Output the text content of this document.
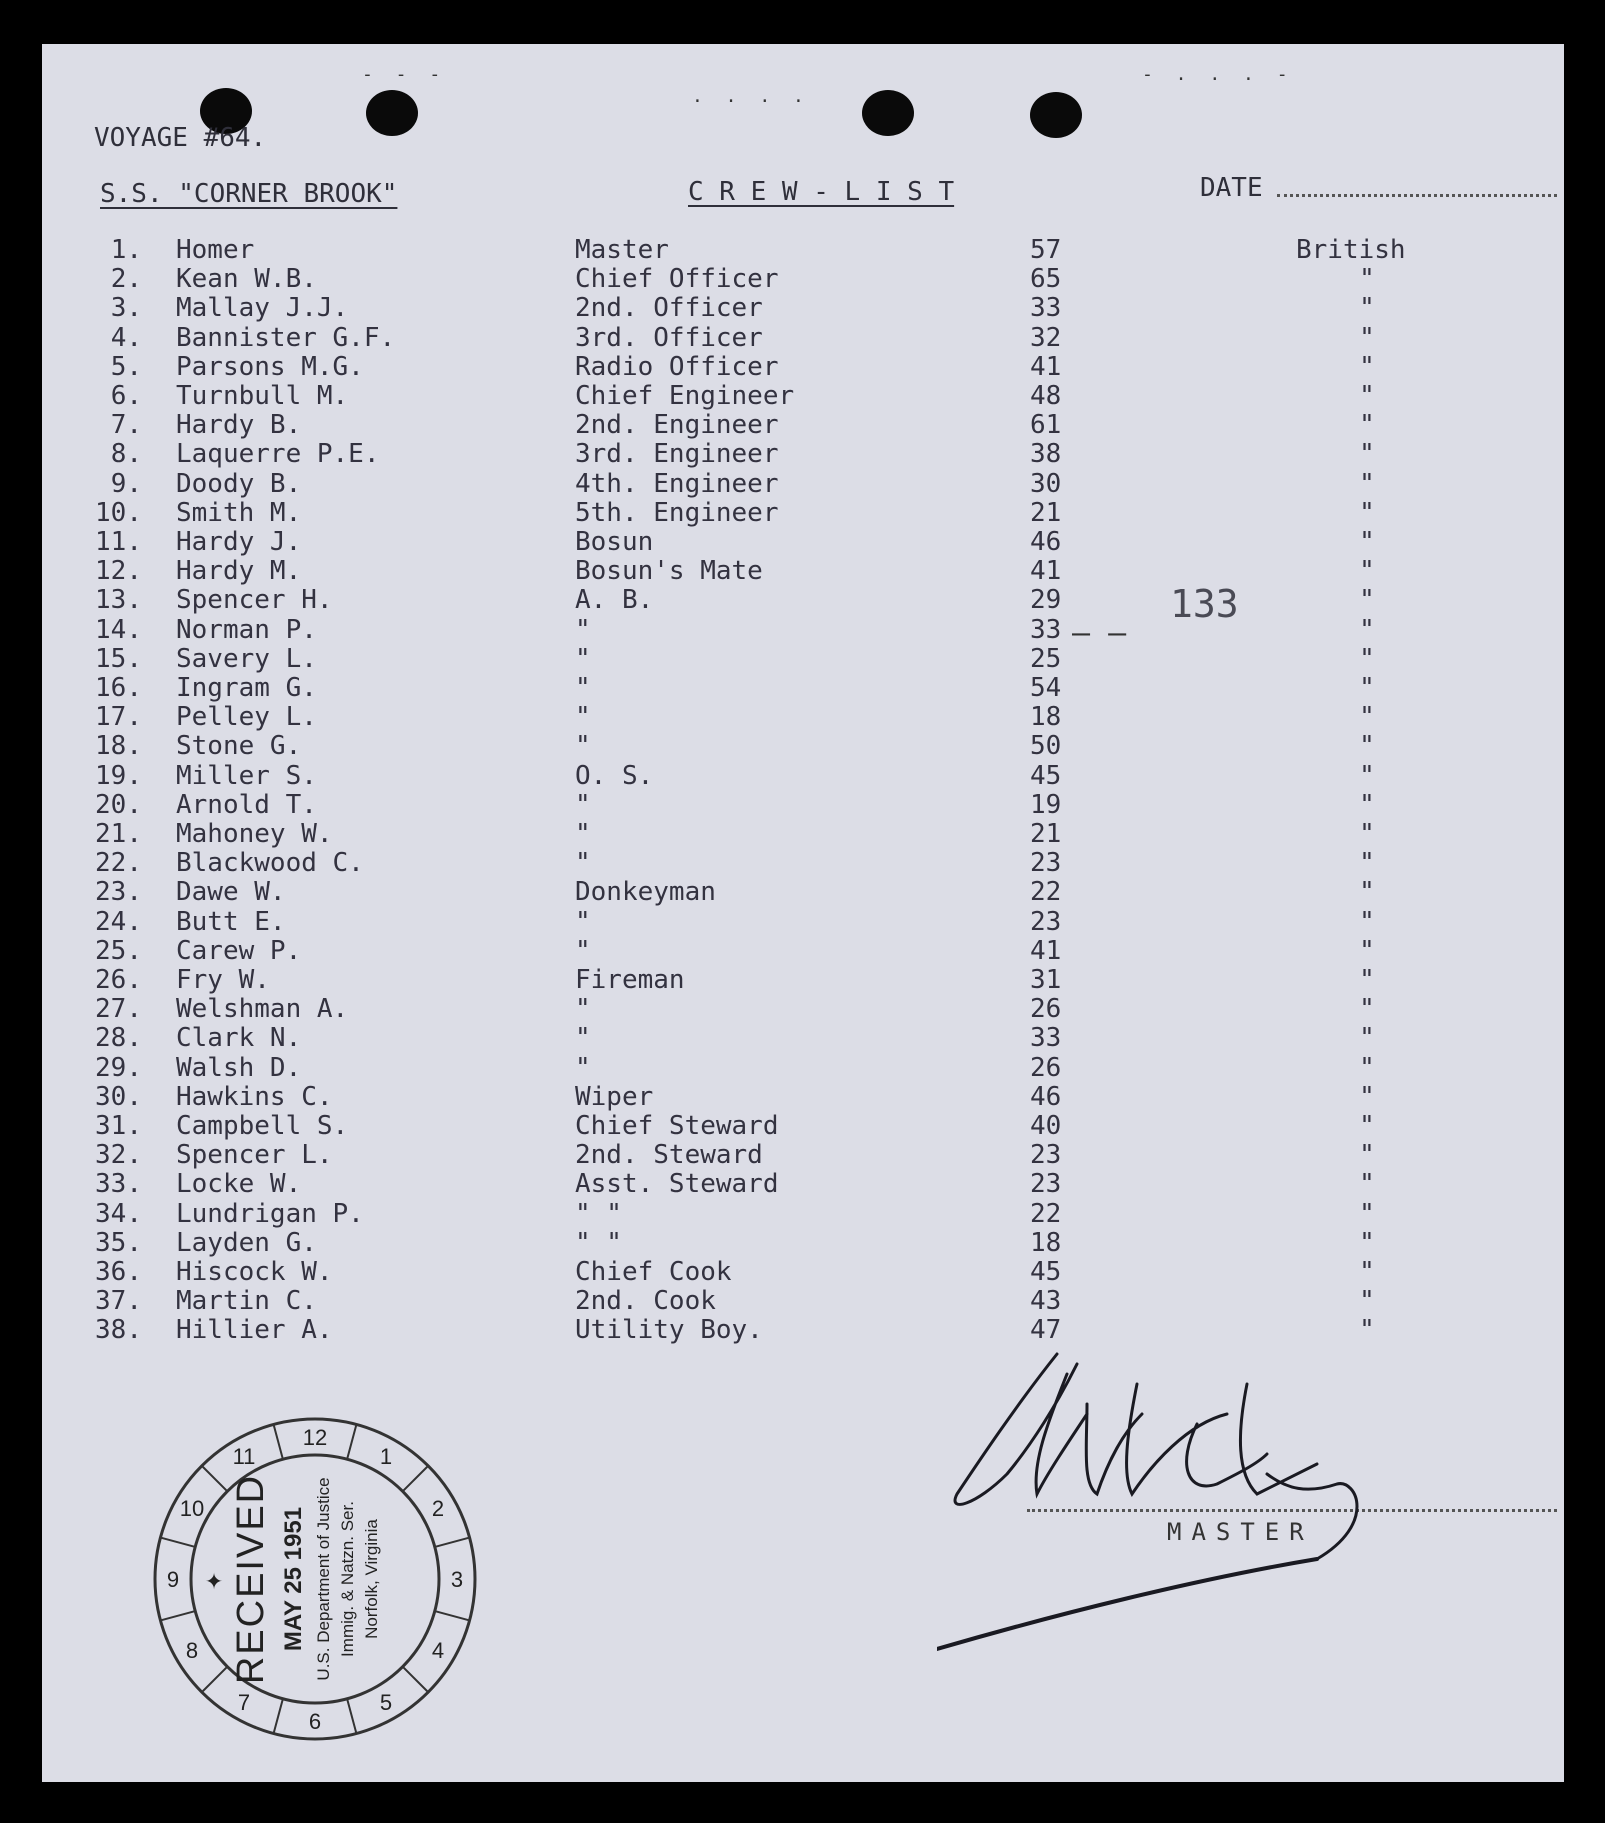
- - -
. . . .
- . . . -
VOYAGE #64.
S.S. "CORNER BROOK"	C R E W - L I S T	DATE
1. Homer	Master	57	British
2. Kean W.B.	Chief Officer	65	"
3. Mallay J.J.	2nd. Officer	33	"
4. Bannister G.F.	3rd. Officer	32	"
5. Parsons M.G.	Radio Officer	41	"
6. Turnbull M.	Chief Engineer	48	"
7. Hardy B.	2nd. Engineer	61	"
8. Laquerre P.E.	3rd. Engineer	38	"
9. Doody B.	4th. Engineer	30	"
10. Smith M.	5th. Engineer	21	"
11. Hardy J.	Bosun	46	"
12. Hardy M.	Bosun's Mate	41	"
13. Spencer H.	A. B.	29	"
14. Norman P.	"	33	"
15. Savery L.	"	25	"
16. Ingram G.	"	54	"
17. Pelley L.	"	18	"
18. Stone G.	"	50	"
19. Miller S.	O. S.	45	"
20. Arnold T.	"	19	"
21. Mahoney W.	"	21	"
22. Blackwood C.	"	23	"
23. Dawe W.	Donkeyman	22	"
24. Butt E.	"	23	"
25. Carew P.	"	41	"
26. Fry W.	Fireman	31	"
27. Welshman A.	"	26	"
28. Clark N.	"	33	"
29. Walsh D.	"	26	"
30. Hawkins C.	Wiper	46	"
31. Campbell S.	Chief Steward	40	"
32. Spencer L.	2nd. Steward	23	"
33. Locke W.	Asst. Steward	23	"
34. Lundrigan P.	" "	22	"
35. Layden G.	" "	18	"
36. Hiscock W.	Chief Cook	45	"
37. Martin C.	2nd. Cook	43	"
38. Hillier A.	Utility Boy.	47	"
— —
133
12
1
2
3
4
5
6
7
8
9
10
11
RECEIVED MAY 25 1951 U.S. Department of Justice Immig. & Natzn. Ser. Norfolk, Virginia
✦
MASTER
